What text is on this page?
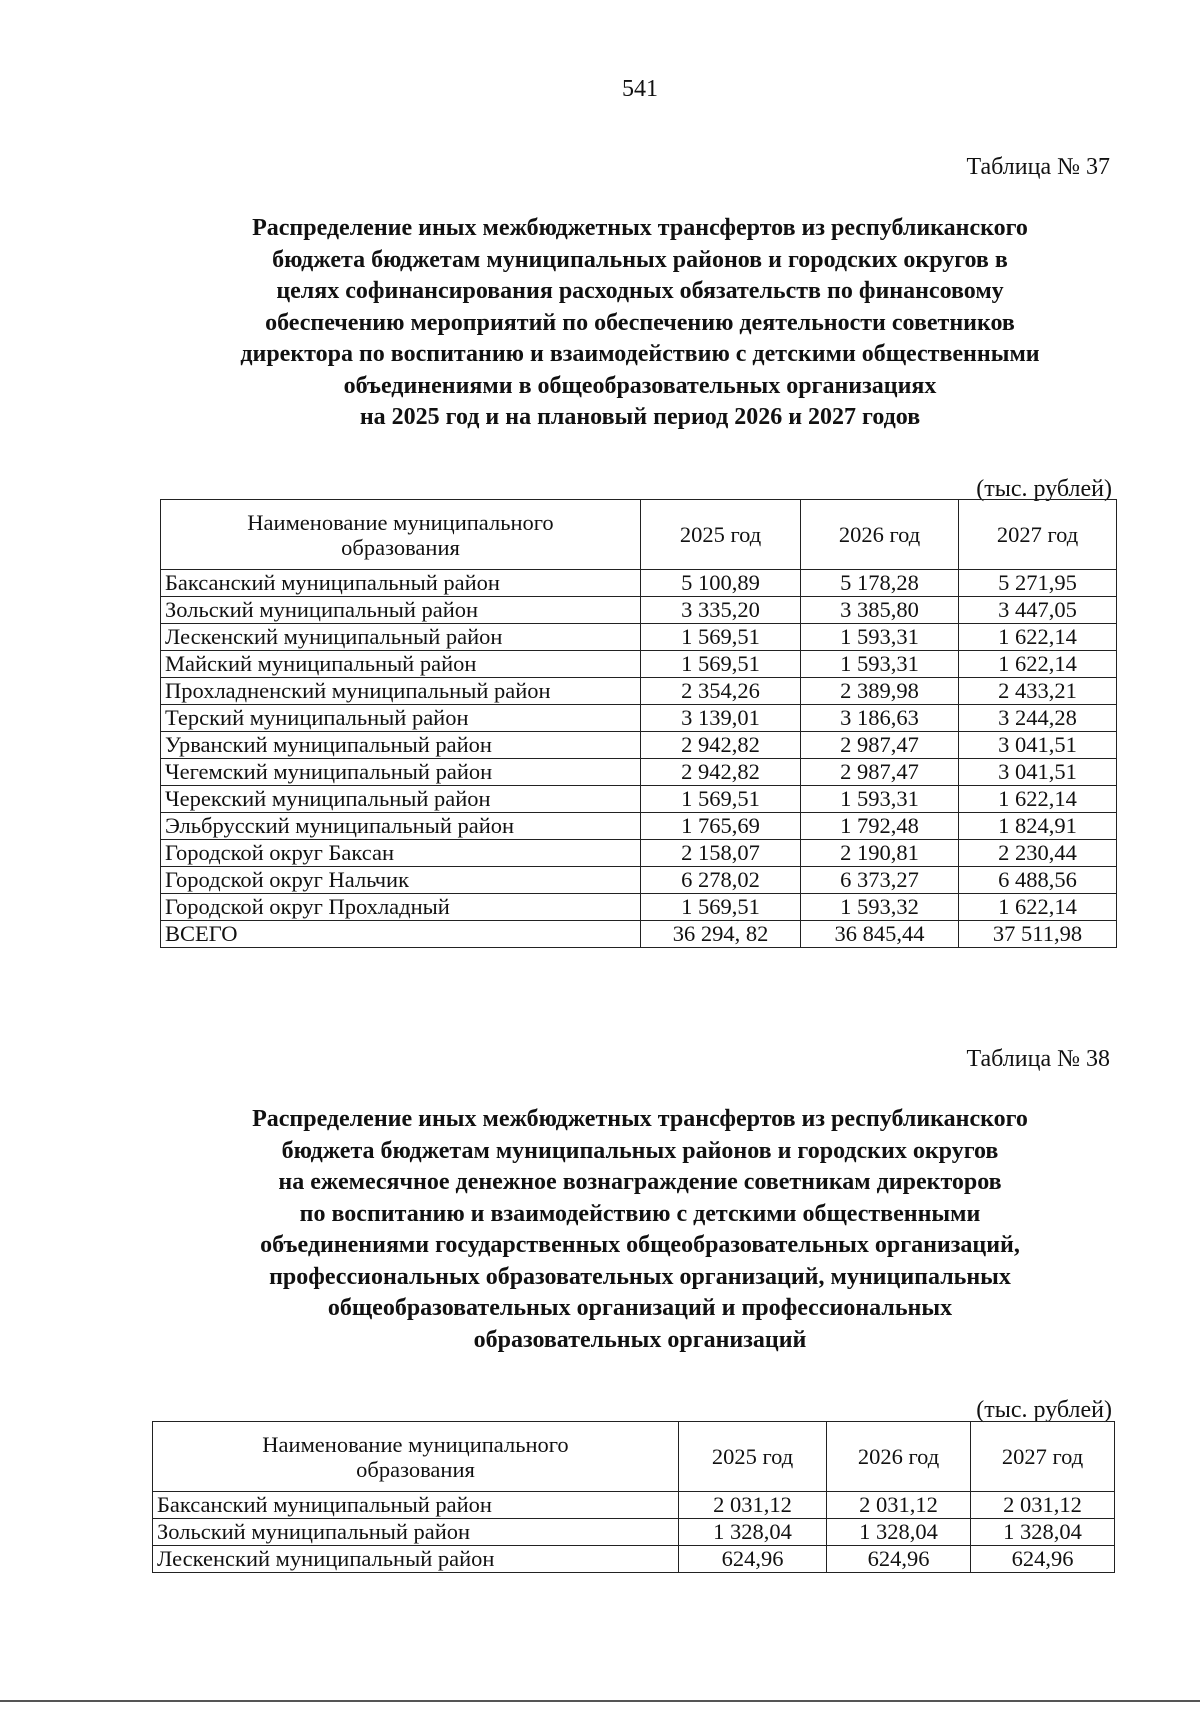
541
Таблица № 37
Распределение иных межбюджетных трансфертов из республиканского
бюджета бюджетам муниципальных районов и городских округов в
целях софинансирования расходных обязательств по финансовому
обеспечению мероприятий по обеспечению деятельности советников
директора по воспитанию и взаимодействию с детскими общественными
объединениями в общеобразовательных организациях
на 2025 год и на плановый период 2026 и 2027 годов
(тыс. рублей)
Наименование муниципального образования	2025 год	2026 год	2027 год
Баксанский муниципальный район	5 100,89	5 178,28	5 271,95
Зольский муниципальный район	3 335,20	3 385,80	3 447,05
Лескенский муниципальный район	1 569,51	1 593,31	1 622,14
Майский муниципальный район	1 569,51	1 593,31	1 622,14
Прохладненский муниципальный район	2 354,26	2 389,98	2 433,21
Терский муниципальный район	3 139,01	3 186,63	3 244,28
Урванский муниципальный район	2 942,82	2 987,47	3 041,51
Чегемский муниципальный район	2 942,82	2 987,47	3 041,51
Черекский муниципальный район	1 569,51	1 593,31	1 622,14
Эльбрусский муниципальный район	1 765,69	1 792,48	1 824,91
Городской округ Баксан	2 158,07	2 190,81	2 230,44
Городской округ Нальчик	6 278,02	6 373,27	6 488,56
Городской округ Прохладный	1 569,51	1 593,32	1 622,14
ВСЕГО	36 294, 82	36 845,44	37 511,98
Таблица № 38
Распределение иных межбюджетных трансфертов из республиканского
бюджета бюджетам муниципальных районов и городских округов
на ежемесячное денежное вознаграждение советникам директоров
по воспитанию и взаимодействию с детскими общественными
объединениями государственных общеобразовательных организаций,
профессиональных образовательных организаций, муниципальных
общеобразовательных организаций и профессиональных
образовательных организаций
(тыс. рублей)
Наименование муниципального образования	2025 год	2026 год	2027 год
Баксанский муниципальный район	2 031,12	2 031,12	2 031,12
Зольский муниципальный район	1 328,04	1 328,04	1 328,04
Лескенский муниципальный район	624,96	624,96	624,96
